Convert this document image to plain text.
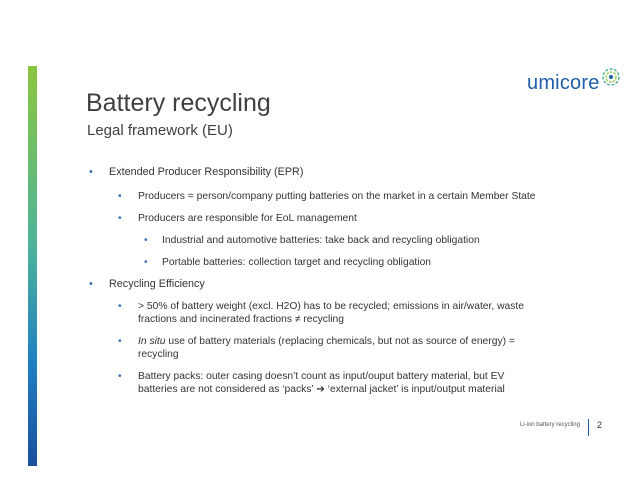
umicore
Battery recycling
Legal framework (EU)
• Extended Producer Responsibility (EPR)
• Producers = person/company putting batteries on the market in a certain Member State
• Producers are responsible for EoL management
• Industrial and automotive batteries: take back and recycling obligation
• Portable batteries: collection target and recycling obligation
• Recycling Efficiency
• > 50% of battery weight (excl. H2O) has to be recycled; emissions in air/water, waste
fractions and incinerated fractions ≠ recycling
• In situ use of battery materials (replacing chemicals, but not as source of energy) =
recycling
• Battery packs: outer casing doesn’t count as input/ouput battery material, but EV
batteries are not considered as ‘packs’ ➔ ‘external jacket’ is input/output material
Li-ion battery recycling	2
